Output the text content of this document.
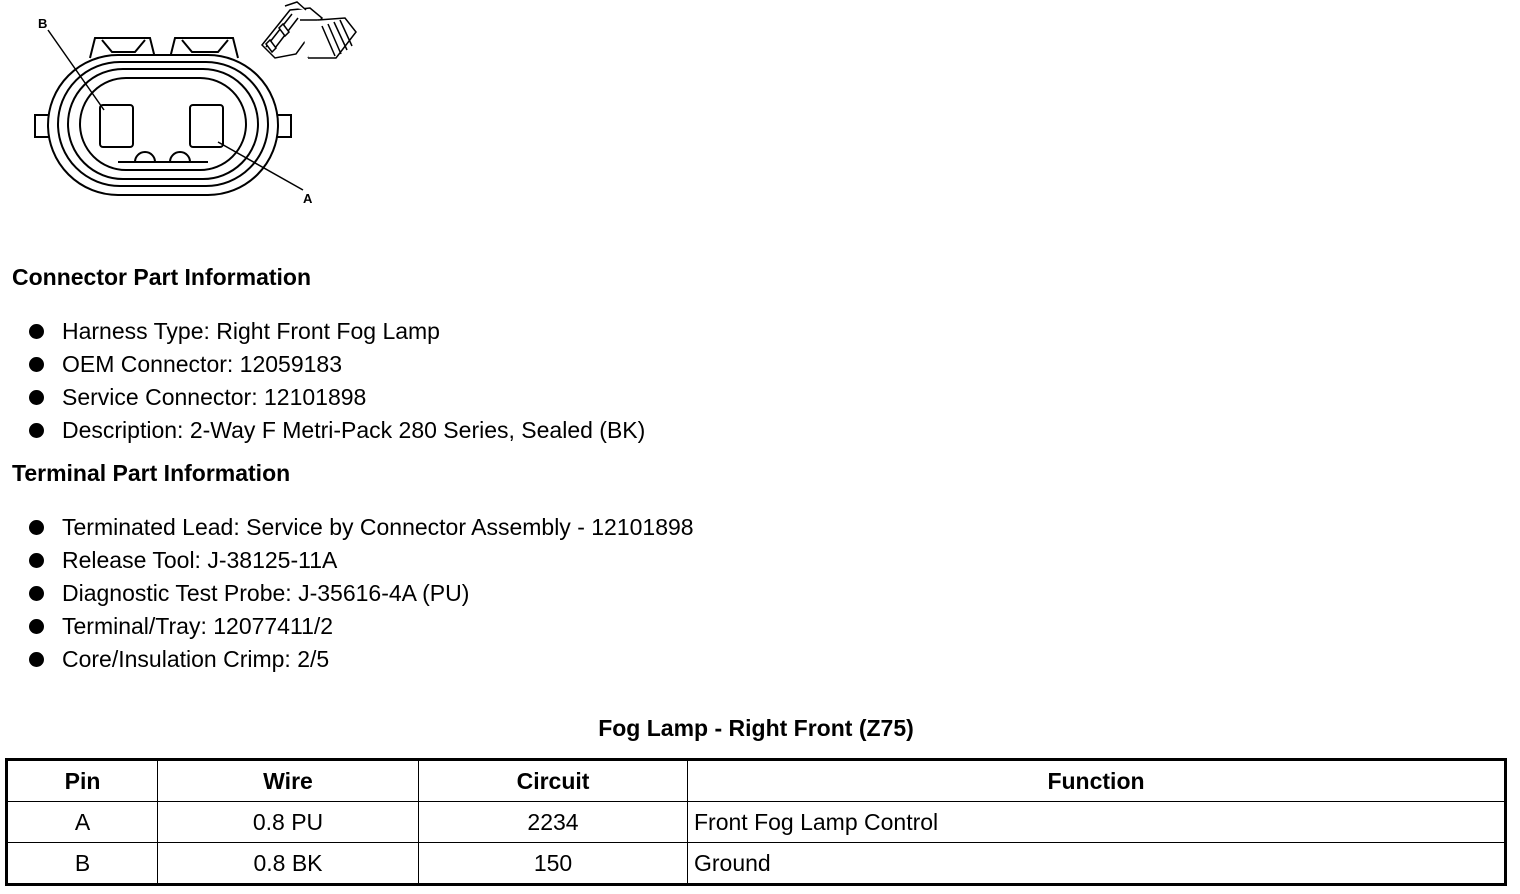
B
A
Connector Part Information
Harness Type: Right Front Fog Lamp
OEM Connector: 12059183
Service Connector: 12101898
Description: 2-Way F Metri-Pack 280 Series, Sealed (BK)
Terminal Part Information
Terminated Lead: Service by Connector Assembly - 12101898
Release Tool: J-38125-11A
Diagnostic Test Probe: J-35616-4A (PU)
Terminal/Tray: 12077411/2
Core/Insulation Crimp: 2/5
Fog Lamp - Right Front (Z75)
Pin	Wire	Circuit	Function
A	0.8 PU	2234	Front Fog Lamp Control
B	0.8 BK	150	Ground
